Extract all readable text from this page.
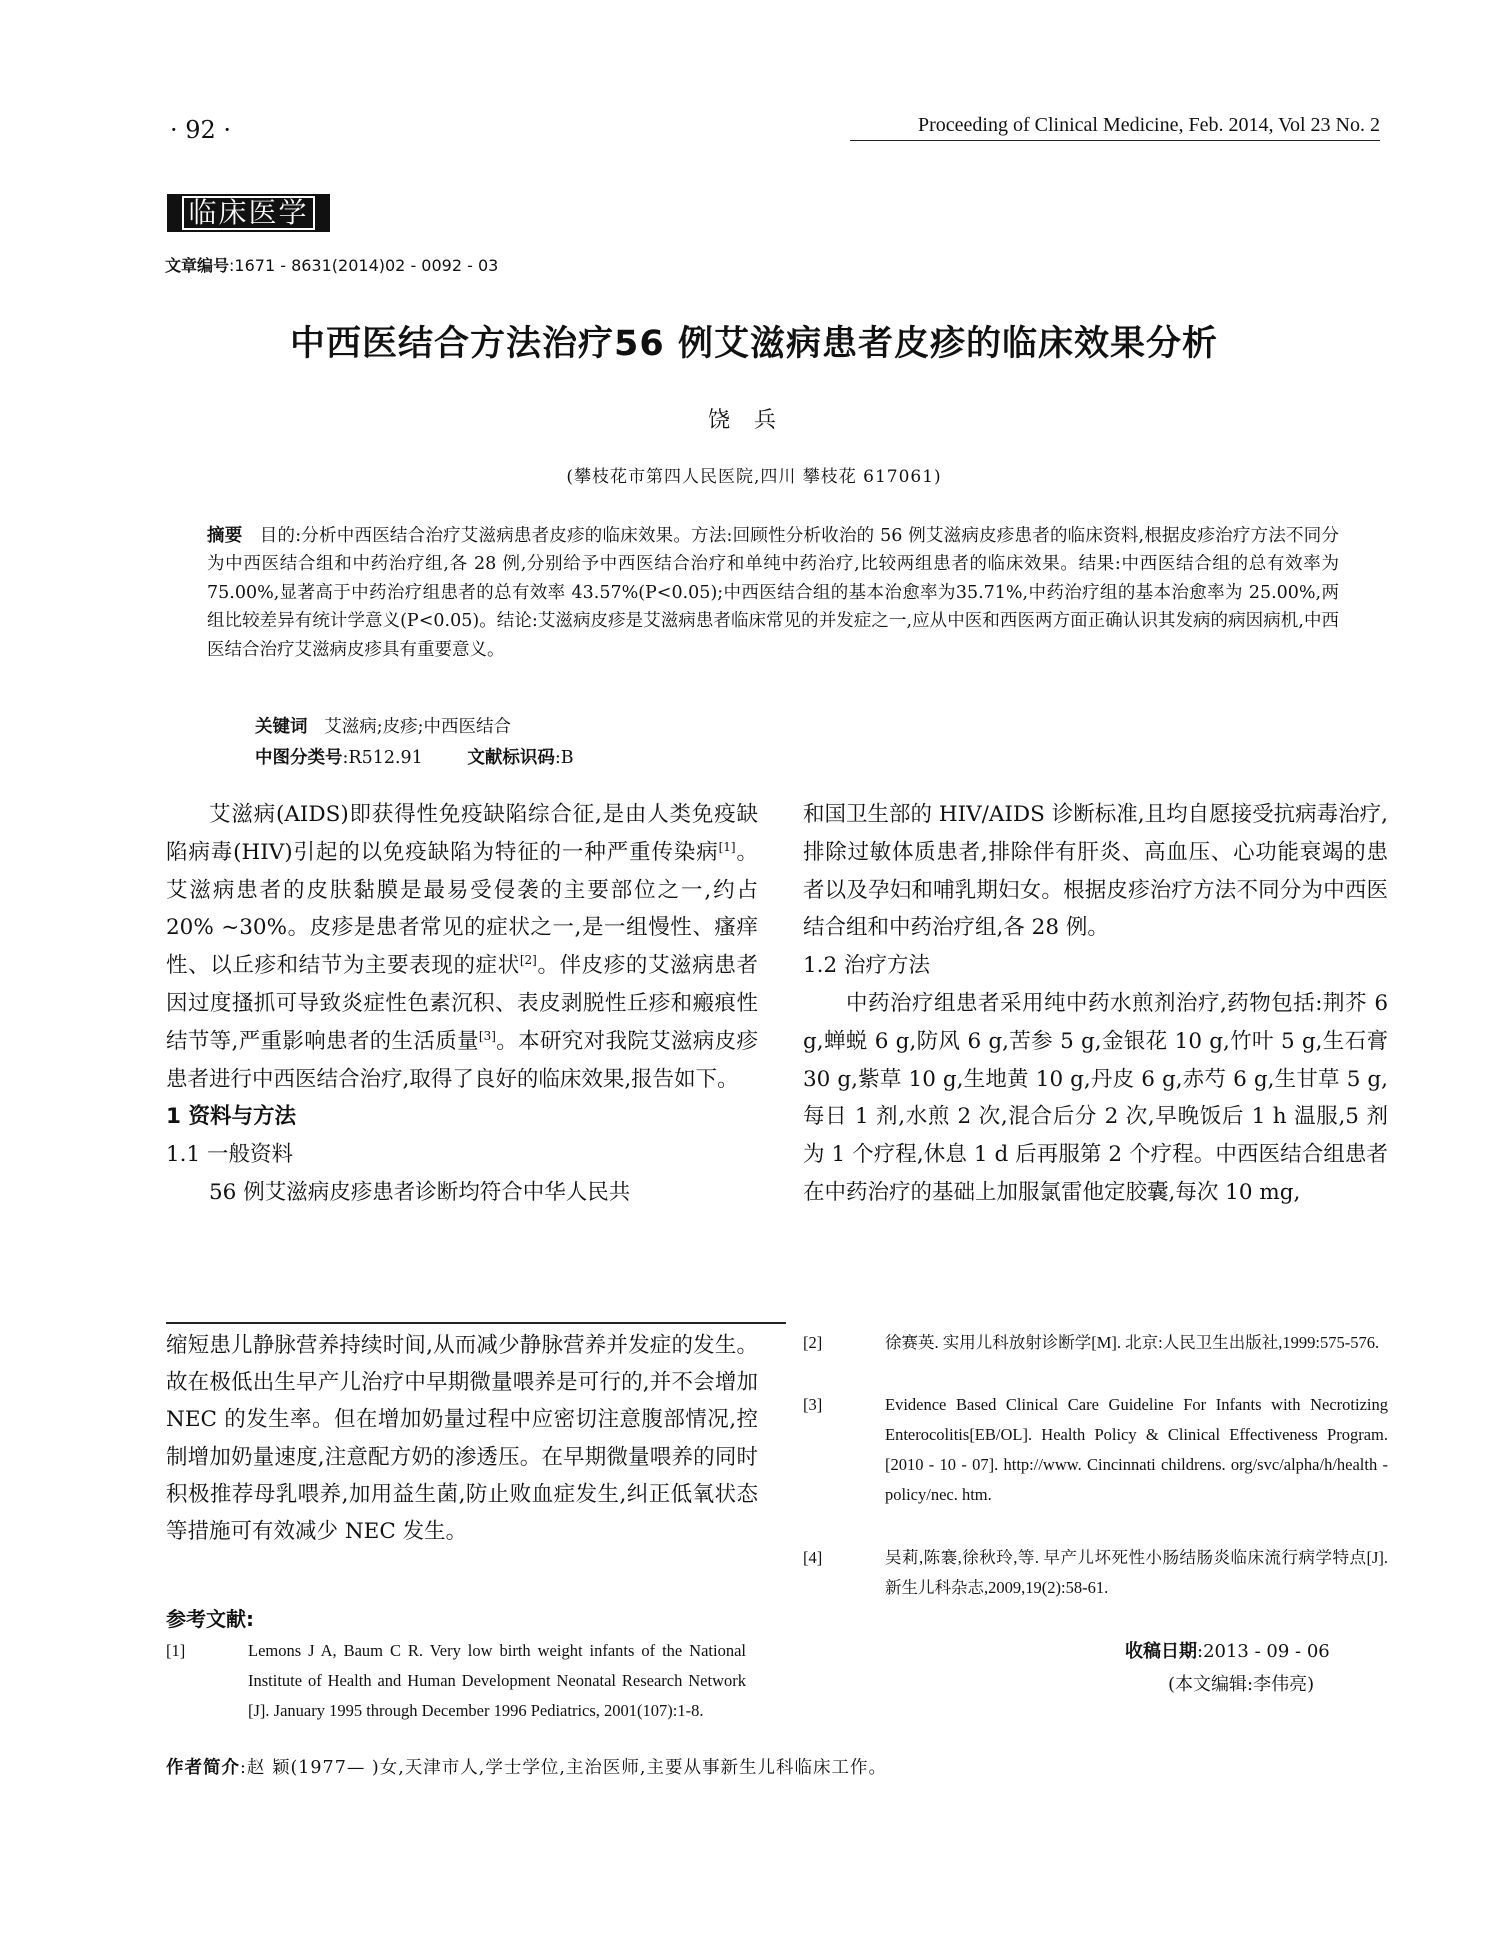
· 92 ·	Proceeding of Clinical Medicine, Feb. 2014, Vol 23 No. 2
临床医学
文章编号:1671 - 8631(2014)02 - 0092 - 03
中西医结合方法治疗56 例艾滋病患者皮疹的临床效果分析
饶兵
(攀枝花市第四人民医院,四川 攀枝花 617061)
摘要 目的:分析中西医结合治疗艾滋病患者皮疹的临床效果。方法:回顾性分析收治的 56 例艾滋病皮疹患者的临床资料,根据皮疹治疗方法不同分为中西医结合组和中药治疗组,各 28 例,分别给予中西医结合治疗和单纯中药治疗,比较两组患者的临床效果。结果:中西医结合组的总有效率为 75.00%,显著高于中药治疗组患者的总有效率 43.57%(P<0.05);中西医结合组的基本治愈率为35.71%,中药治疗组的基本治愈率为 25.00%,两组比较差异有统计学意义(P<0.05)。结论:艾滋病皮疹是艾滋病患者临床常见的并发症之一,应从中医和西医两方面正确认识其发病的病因病机,中西医结合治疗艾滋病皮疹具有重要意义。
关键词 艾滋病;皮疹;中西医结合
中图分类号:R512.91	文献标识码:B

艾滋病(AIDS)即获得性免疫缺陷综合征,是由人类免疫缺陷病毒(HIV)引起的以免疫缺陷为特征的一种严重传染病[1]。艾滋病患者的皮肤黏膜是最易受侵袭的主要部位之一,约占 20% ~30%。皮疹是患者常见的症状之一,是一组慢性、瘙痒性、以丘疹和结节为主要表现的症状[2]。伴皮疹的艾滋病患者因过度搔抓可导致炎症性色素沉积、表皮剥脱性丘疹和瘢痕性结节等,严重影响患者的生活质量[3]。本研究对我院艾滋病皮疹患者进行中西医结合治疗,取得了良好的临床效果,报告如下。

1 资料与方法

1.1 一般资料

56 例艾滋病皮疹患者诊断均符合中华人民共

和国卫生部的 HIV/AIDS 诊断标准,且均自愿接受抗病毒治疗,排除过敏体质患者,排除伴有肝炎、高血压、心功能衰竭的患者以及孕妇和哺乳期妇女。根据皮疹治疗方法不同分为中西医结合组和中药治疗组,各 28 例。

1.2 治疗方法

中药治疗组患者采用纯中药水煎剂治疗,药物包括:荆芥 6 g,蝉蜕 6 g,防风 6 g,苦参 5 g,金银花 10 g,竹叶 5 g,生石膏 30 g,紫草 10 g,生地黄 10 g,丹皮 6 g,赤芍 6 g,生甘草 5 g,每日 1 剂,水煎 2 次,混合后分 2 次,早晚饭后 1 h 温服,5 剂为 1 个疗程,休息 1 d 后再服第 2 个疗程。中西医结合组患者在中药治疗的基础上加服氯雷他定胶囊,每次 10 mg,

缩短患儿静脉营养持续时间,从而减少静脉营养并发症的发生。故在极低出生早产儿治疗中早期微量喂养是可行的,并不会增加 NEC 的发生率。但在增加奶量过程中应密切注意腹部情况,控制增加奶量速度,注意配方奶的渗透压。在早期微量喂养的同时积极推荐母乳喂养,加用益生菌,防止败血症发生,纠正低氧状态等措施可有效减少 NEC 发生。
参考文献:
[1]	Lemons J A, Baum C R. Very low birth weight infants of the National Institute of Health and Human Development Neonatal Research Network [J]. January 1995 through December 1996 Pediatrics, 2001(107):1-8.
[2]	徐赛英. 实用儿科放射诊断学[M]. 北京:人民卫生出版社,1999:575-576.
[3]	Evidence Based Clinical Care Guideline For Infants with Necrotizing Enterocolitis[EB/OL]. Health Policy & Clinical Effectiveness Program. [2010 - 10 - 07]. http://www. Cincinnati childrens. org/svc/alpha/h/health - policy/nec. htm.
[4]	吴莉,陈褰,徐秋玲,等. 早产儿坏死性小肠结肠炎临床流行病学特点[J]. 新生儿科杂志,2009,19(2):58-61.
收稿日期:2013 - 09 - 06
(本文编辑:李伟亮)
作者简介:赵 颖(1977— )女,天津市人,学士学位,主治医师,主要从事新生儿科临床工作。
